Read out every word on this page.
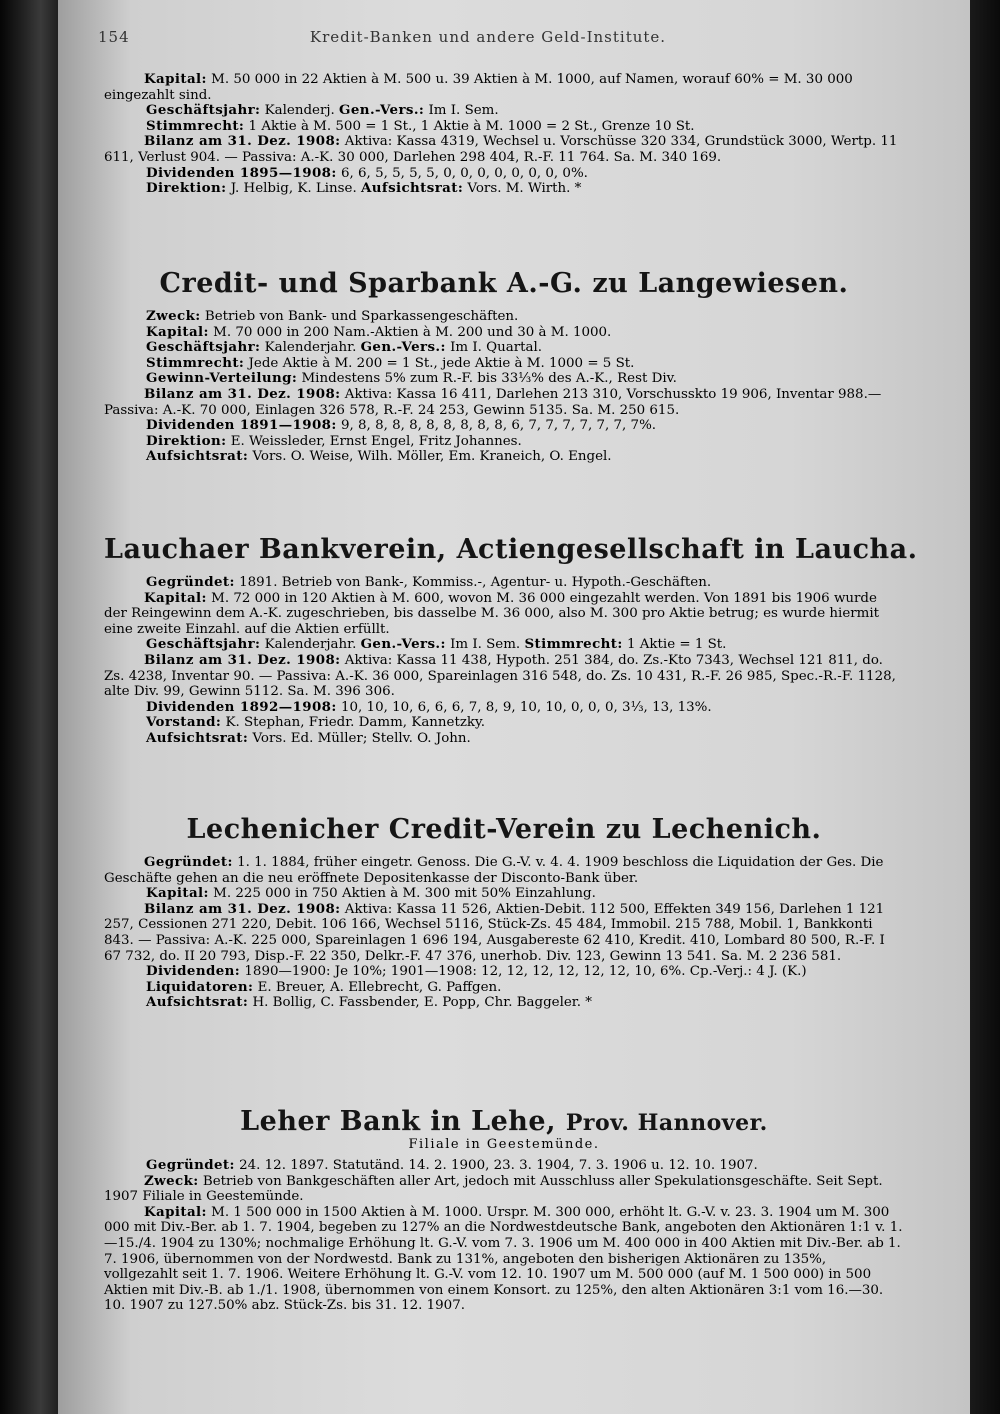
154	Kredit-Banken und andere Geld-Institute.

Kapital: M. 50 000 in 22 Aktien à M. 500 u. 39 Aktien à M. 1000, auf Namen, worauf 60% = M. 30 000 eingezahlt sind.

Geschäftsjahr: Kalenderj. Gen.-Vers.: Im I. Sem.

Stimmrecht: 1 Aktie à M. 500 = 1 St., 1 Aktie à M. 1000 = 2 St., Grenze 10 St.

Bilanz am 31. Dez. 1908: Aktiva: Kassa 4319, Wechsel u. Vorschüsse 320 334, Grundstück 3000, Wertp. 11 611, Verlust 904. — Passiva: A.-K. 30 000, Darlehen 298 404, R.-F. 11 764. Sa. M. 340 169.

Dividenden 1895—1908: 6, 6, 5, 5, 5, 5, 0, 0, 0, 0, 0, 0, 0, 0%.

Direktion: J. Helbig, K. Linse. Aufsichtsrat: Vors. M. Wirth. *

Credit- und Sparbank A.-G. zu Langewiesen.

Zweck: Betrieb von Bank- und Sparkassengeschäften.

Kapital: M. 70 000 in 200 Nam.-Aktien à M. 200 und 30 à M. 1000.

Geschäftsjahr: Kalenderjahr. Gen.-Vers.: Im I. Quartal.

Stimmrecht: Jede Aktie à M. 200 = 1 St., jede Aktie à M. 1000 = 5 St.

Gewinn-Verteilung: Mindestens 5% zum R.-F. bis 33⅓% des A.-K., Rest Div.

Bilanz am 31. Dez. 1908: Aktiva: Kassa 16 411, Darlehen 213 310, Vorschusskto 19 906, Inventar 988.— Passiva: A.-K. 70 000, Einlagen 326 578, R.-F. 24 253, Gewinn 5135. Sa. M. 250 615.

Dividenden 1891—1908: 9, 8, 8, 8, 8, 8, 8, 8, 8, 8, 6, 7, 7, 7, 7, 7, 7, 7%.

Direktion: E. Weissleder, Ernst Engel, Fritz Johannes.

Aufsichtsrat: Vors. O. Weise, Wilh. Möller, Em. Kraneich, O. Engel.

Lauchaer Bankverein, Actiengesellschaft in Laucha.

Gegründet: 1891. Betrieb von Bank-, Kommiss.-, Agentur- u. Hypoth.-Geschäften.

Kapital: M. 72 000 in 120 Aktien à M. 600, wovon M. 36 000 eingezahlt werden. Von 1891 bis 1906 wurde der Reingewinn dem A.-K. zugeschrieben, bis dasselbe M. 36 000, also M. 300 pro Aktie betrug; es wurde hiermit eine zweite Einzahl. auf die Aktien erfüllt.

Geschäftsjahr: Kalenderjahr. Gen.-Vers.: Im I. Sem. Stimmrecht: 1 Aktie = 1 St.

Bilanz am 31. Dez. 1908: Aktiva: Kassa 11 438, Hypoth. 251 384, do. Zs.-Kto 7343, Wechsel 121 811, do. Zs. 4238, Inventar 90. — Passiva: A.-K. 36 000, Spareinlagen 316 548, do. Zs. 10 431, R.-F. 26 985, Spec.-R.-F. 1128, alte Div. 99, Gewinn 5112. Sa. M. 396 306.

Dividenden 1892—1908: 10, 10, 10, 6, 6, 6, 7, 8, 9, 10, 10, 0, 0, 0, 3⅓, 13, 13%.

Vorstand: K. Stephan, Friedr. Damm, Kannetzky.

Aufsichtsrat: Vors. Ed. Müller; Stellv. O. John.

Lechenicher Credit-Verein zu Lechenich.

Gegründet: 1. 1. 1884, früher eingetr. Genoss. Die G.-V. v. 4. 4. 1909 beschloss die Liquidation der Ges. Die Geschäfte gehen an die neu eröffnete Depositenkasse der Disconto-Bank über.

Kapital: M. 225 000 in 750 Aktien à M. 300 mit 50% Einzahlung.

Bilanz am 31. Dez. 1908: Aktiva: Kassa 11 526, Aktien-Debit. 112 500, Effekten 349 156, Darlehen 1 121 257, Cessionen 271 220, Debit. 106 166, Wechsel 5116, Stück-Zs. 45 484, Immobil. 215 788, Mobil. 1, Bankkonti 843. — Passiva: A.-K. 225 000, Spareinlagen 1 696 194, Ausgabereste 62 410, Kredit. 410, Lombard 80 500, R.-F. I 67 732, do. II 20 793, Disp.-F. 22 350, Delkr.-F. 47 376, unerhob. Div. 123, Gewinn 13 541. Sa. M. 2 236 581.

Dividenden: 1890—1900: Je 10%; 1901—1908: 12, 12, 12, 12, 12, 12, 10, 6%. Cp.-Verj.: 4 J. (K.)

Liquidatoren: E. Breuer, A. Ellebrecht, G. Paffgen.

Aufsichtsrat: H. Bollig, C. Fassbender, E. Popp, Chr. Baggeler. *

Leher Bank in Lehe, Prov. Hannover.

Filiale in Geestemünde.

Gegründet: 24. 12. 1897. Statutänd. 14. 2. 1900, 23. 3. 1904, 7. 3. 1906 u. 12. 10. 1907.

Zweck: Betrieb von Bankgeschäften aller Art, jedoch mit Ausschluss aller Spekulationsgeschäfte. Seit Sept. 1907 Filiale in Geestemünde.

Kapital: M. 1 500 000 in 1500 Aktien à M. 1000. Urspr. M. 300 000, erhöht lt. G.-V. v. 23. 3. 1904 um M. 300 000 mit Div.-Ber. ab 1. 7. 1904, begeben zu 127% an die Nordwestdeutsche Bank, angeboten den Aktionären 1:1 v. 1.—15./4. 1904 zu 130%; nochmalige Erhöhung lt. G.-V. vom 7. 3. 1906 um M. 400 000 in 400 Aktien mit Div.-Ber. ab 1. 7. 1906, übernommen von der Nordwestd. Bank zu 131%, angeboten den bisherigen Aktionären zu 135%, vollgezahlt seit 1. 7. 1906. Weitere Erhöhung lt. G.-V. vom 12. 10. 1907 um M. 500 000 (auf M. 1 500 000) in 500 Aktien mit Div.-B. ab 1./1. 1908, übernommen von einem Konsort. zu 125%, den alten Aktionären 3:1 vom 16.—30. 10. 1907 zu 127.50% abz. Stück-Zs. bis 31. 12. 1907.
